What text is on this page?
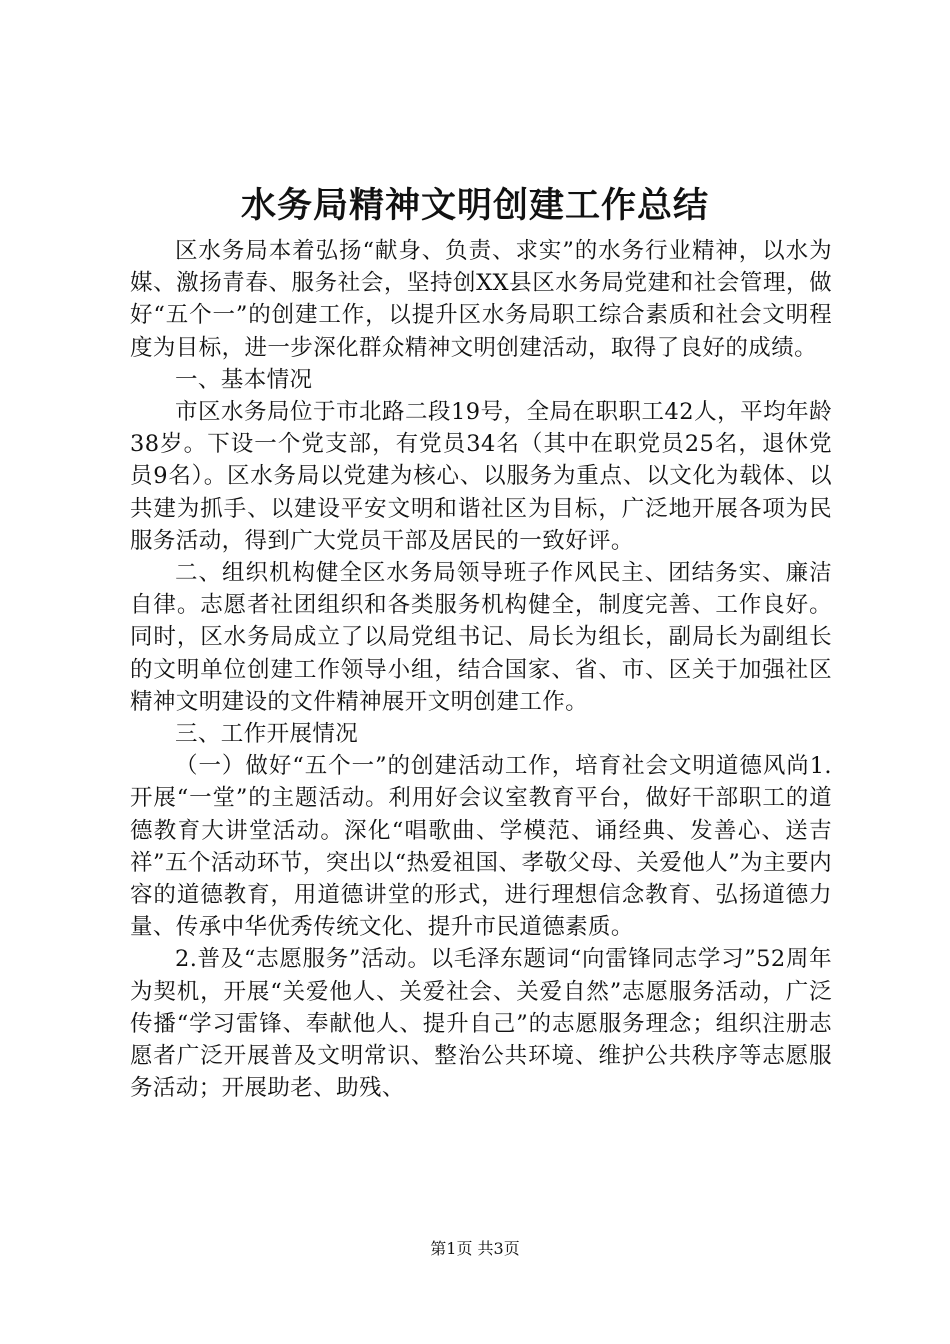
水务局精神文明创建工作总结

区水务局本着弘扬“献身、负责、求实”的水务行业精神，以水为媒、激扬青春、服务社会，坚持创XX县区水务局党建和社会管理，做好“五个一”的创建工作，以提升区水务局职工综合素质和社会文明程度为目标，进一步深化群众精神文明创建活动，取得了良好的成绩。

一、基本情况

市区水务局位于市北路二段19号，全局在职职工42人，平均年龄38岁。下设一个党支部，有党员34名（其中在职党员25名，退休党员9名）。区水务局以党建为核心、以服务为重点、以文化为载体、以共建为抓手、以建设平安文明和谐社区为目标，广泛地开展各项为民服务活动，得到广大党员干部及居民的一致好评。

二、组织机构健全区水务局领导班子作风民主、团结务实、廉洁自律。志愿者社团组织和各类服务机构健全，制度完善、工作良好。同时，区水务局成立了以局党组书记、局长为组长，副局长为副组长的文明单位创建工作领导小组，结合国家、省、市、区关于加强社区精神文明建设的文件精神展开文明创建工作。

三、工作开展情况

（一）做好“五个一”的创建活动工作，培育社会文明道德风尚1.开展“一堂”的主题活动。利用好会议室教育平台，做好干部职工的道德教育大讲堂活动。深化“唱歌曲、学模范、诵经典、发善心、送吉祥”五个活动环节，突出以“热爱祖国、孝敬父母、关爱他人”为主要内容的道德教育，用道德讲堂的形式，进行理想信念教育、弘扬道德力量、传承中华优秀传统文化、提升市民道德素质。

2.普及“志愿服务”活动。以毛泽东题词“向雷锋同志学习”52周年为契机，开展“关爱他人、关爱社会、关爱自然”志愿服务活动，广泛传播“学习雷锋、奉献他人、提升自己”的志愿服务理念；组织注册志愿者广泛开展普及文明常识、整治公共环境、维护公共秩序等志愿服务活动；开展助老、助残、

第1页 共3页
